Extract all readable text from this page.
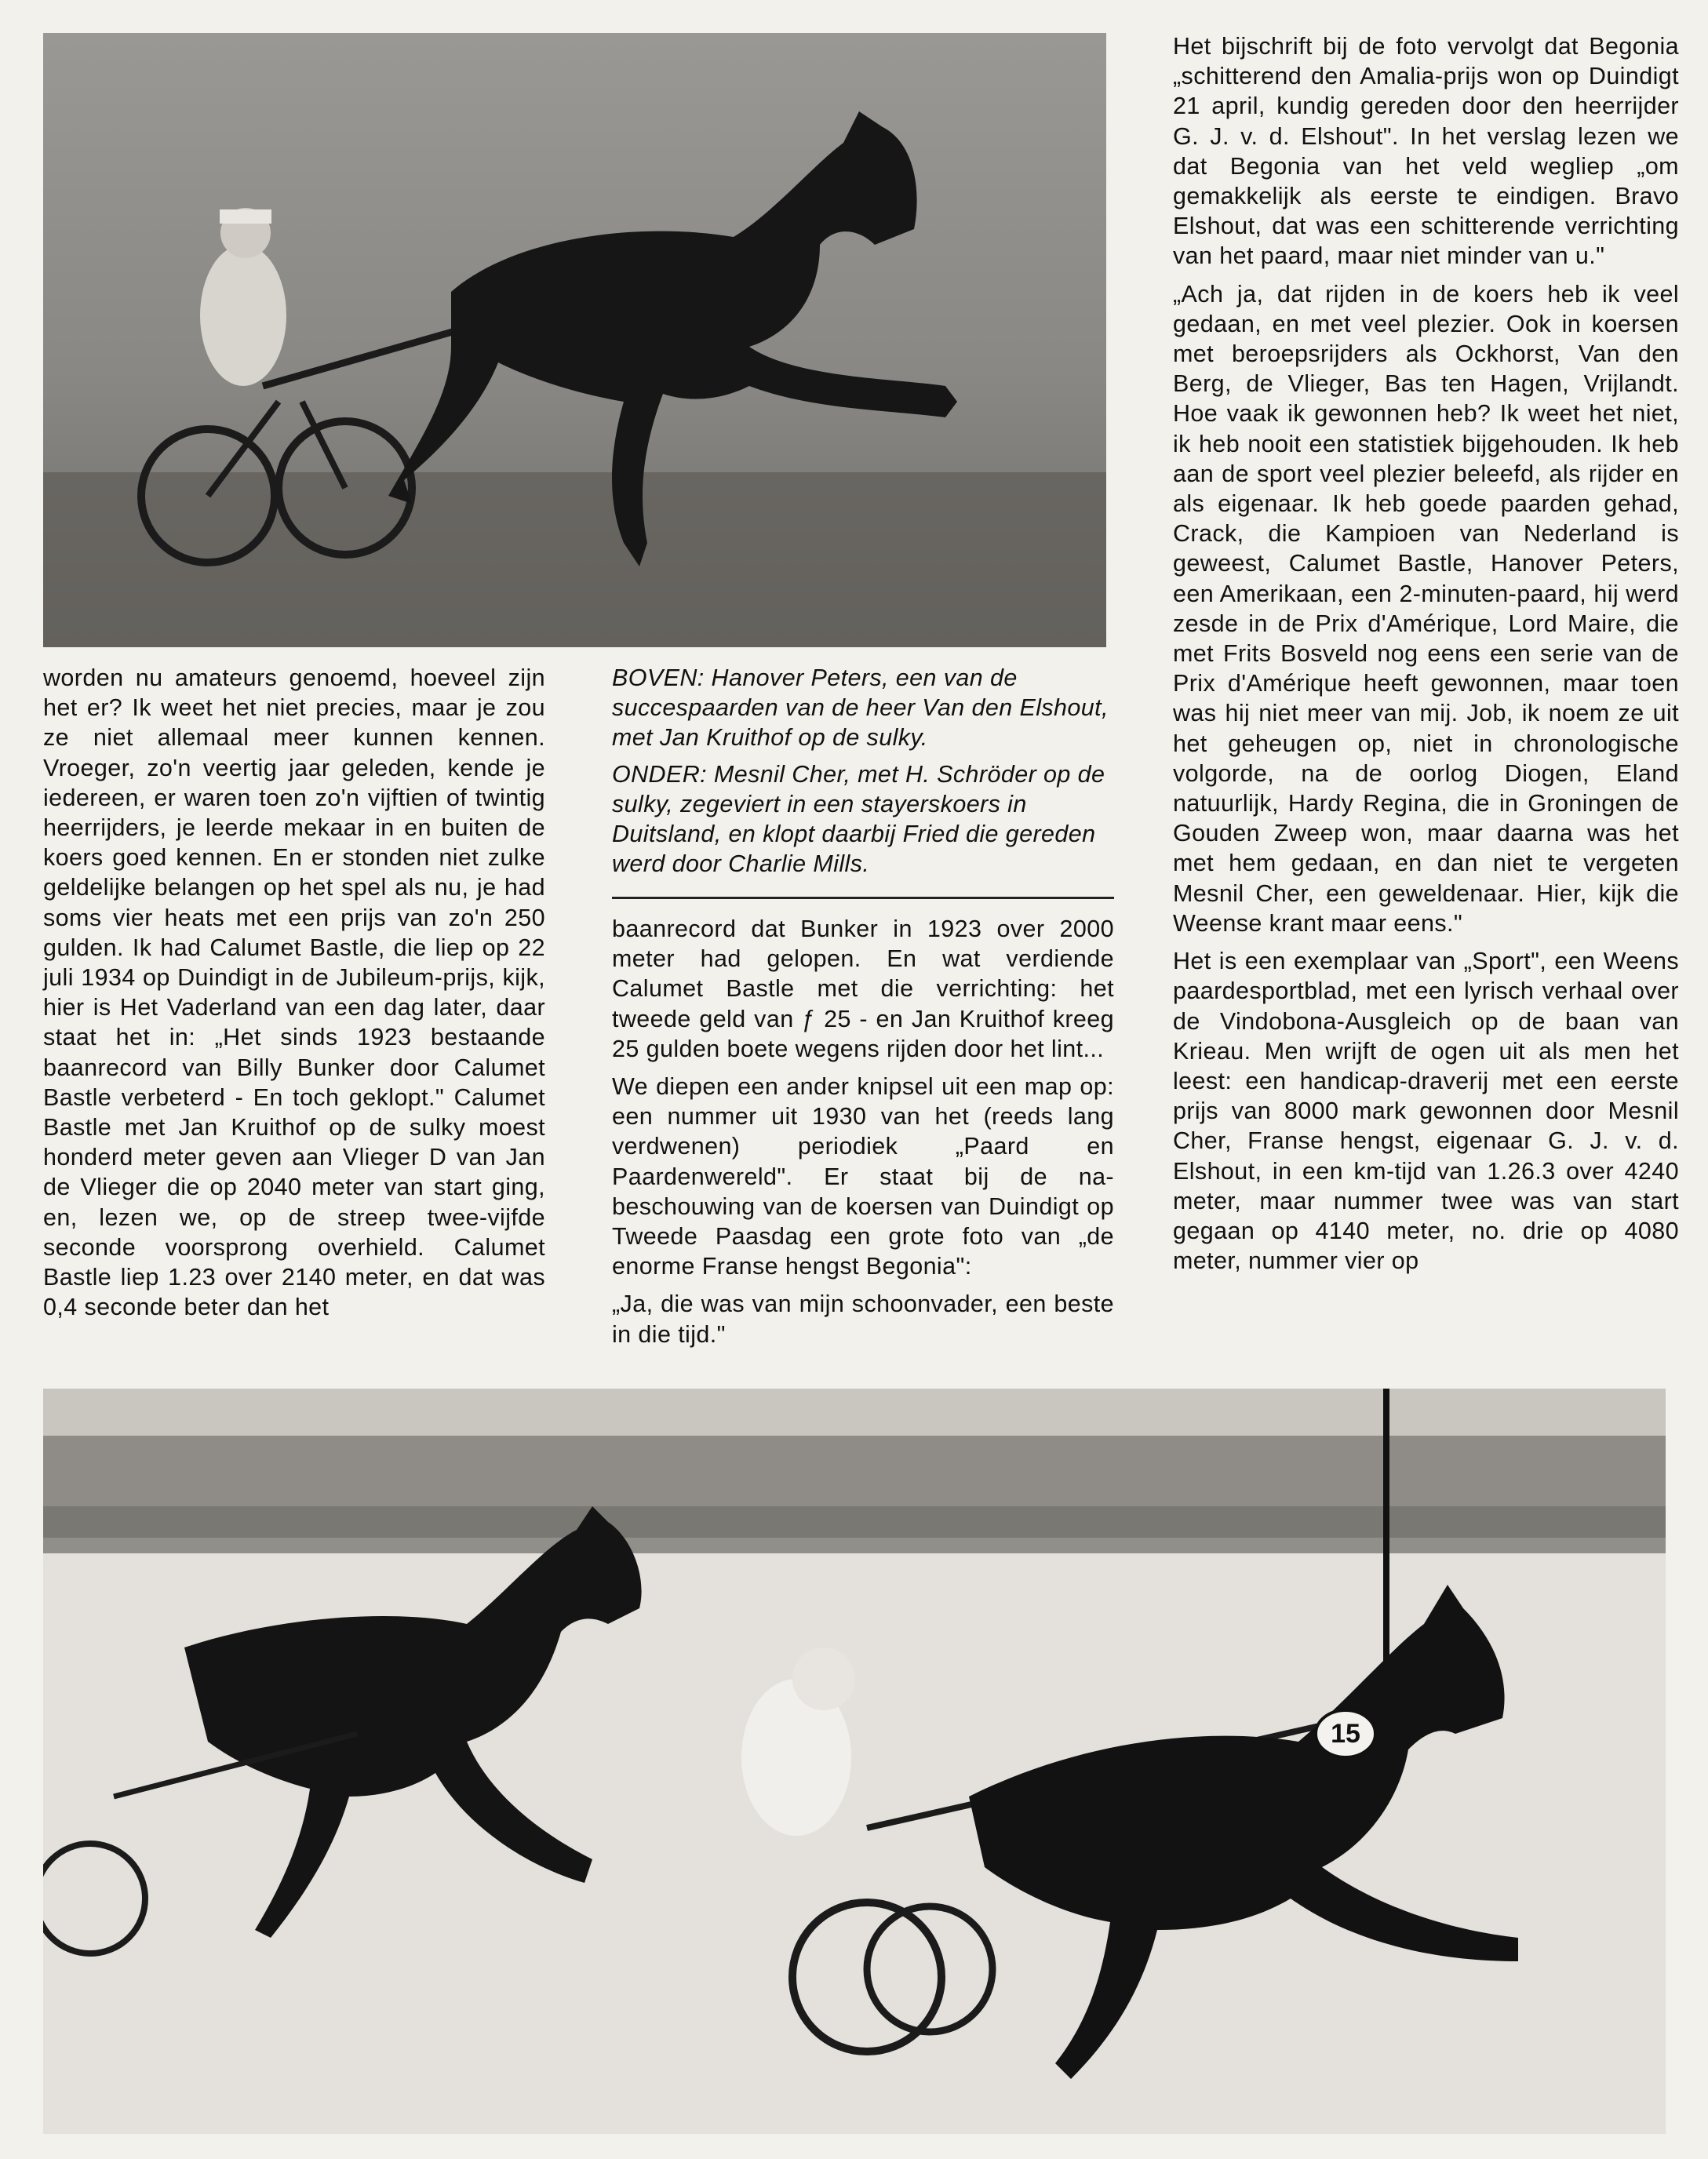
worden nu amateurs genoemd, hoeveel zijn het er? Ik weet het niet precies, maar je zou ze niet allemaal meer kunnen kennen. Vroeger, zo'n veertig jaar geleden, kende je iedereen, er waren toen zo'n vijftien of twintig heerrijders, je leerde mekaar in en buiten de koers goed kennen. En er stonden niet zulke geldelijke belangen op het spel als nu, je had soms vier heats met een prijs van zo'n 250 gulden. Ik had Calumet Bastle, die liep op 22 juli 1934 op Duindigt in de Jubileum-prijs, kijk, hier is Het Vaderland van een dag later, daar staat het in: „Het sinds 1923 bestaande baanrecord van Billy Bunker door Calumet Bastle verbeterd - En toch geklopt." Calumet Bastle met Jan Kruithof op de sulky moest honderd meter geven aan Vlieger D van Jan de Vlieger die op 2040 meter van start ging, en, lezen we, op de streep twee-vijfde seconde voorsprong overhield. Calumet Bastle liep 1.23 over 2140 meter, en dat was 0,4 seconde beter dan het

BOVEN: Hanover Peters, een van de succespaarden van de heer Van den Elshout, met Jan Kruithof op de sulky.

ONDER: Mesnil Cher, met H. Schröder op de sulky, zegeviert in een stayerskoers in Duitsland, en klopt daarbij Fried die gereden werd door Charlie Mills.

baanrecord dat Bunker in 1923 over 2000 meter had gelopen. En wat verdiende Calumet Bastle met die verrichting: het tweede geld van ƒ 25 - en Jan Kruithof kreeg 25 gulden boete wegens rijden door het lint...

We diepen een ander knipsel uit een map op: een nummer uit 1930 van het (reeds lang verdwenen) periodiek „Paard en Paardenwereld". Er staat bij de na-beschouwing van de koersen van Duindigt op Tweede Paasdag een grote foto van „de enorme Franse hengst Begonia":

„Ja, die was van mijn schoonvader, een beste in die tijd."

Het bijschrift bij de foto vervolgt dat Begonia „schitterend den Amalia-prijs won op Duindigt 21 april, kundig gereden door den heerrijder G. J. v. d. Elshout". In het verslag lezen we dat Begonia van het veld wegliep „om gemakkelijk als eerste te eindigen. Bravo Elshout, dat was een schitterende verrichting van het paard, maar niet minder van u."

„Ach ja, dat rijden in de koers heb ik veel gedaan, en met veel plezier. Ook in koersen met beroepsrijders als Ockhorst, Van den Berg, de Vlieger, Bas ten Hagen, Vrijlandt. Hoe vaak ik gewonnen heb? Ik weet het niet, ik heb nooit een statistiek bijgehouden. Ik heb aan de sport veel plezier beleefd, als rijder en als eigenaar. Ik heb goede paarden gehad, Crack, die Kampioen van Nederland is geweest, Calumet Bastle, Hanover Peters, een Amerikaan, een 2-minuten-paard, hij werd zesde in de Prix d'Amérique, Lord Maire, die met Frits Bosveld nog eens een serie van de Prix d'Amérique heeft gewonnen, maar toen was hij niet meer van mij. Job, ik noem ze uit het geheugen op, niet in chronologische volgorde, na de oorlog Diogen, Eland natuurlijk, Hardy Regina, die in Groningen de Gouden Zweep won, maar daarna was het met hem gedaan, en dan niet te vergeten Mesnil Cher, een geweldenaar. Hier, kijk die Weense krant maar eens."

Het is een exemplaar van „Sport", een Weens paardesportblad, met een lyrisch verhaal over de Vindobona-Ausgleich op de baan van Krieau. Men wrijft de ogen uit als men het leest: een handicap-draverij met een eerste prijs van 8000 mark gewonnen door Mesnil Cher, Franse hengst, eigenaar G. J. v. d. Elshout, in een km-tijd van 1.26.3 over 4240 meter, maar nummer twee was van start gegaan op 4140 meter, no. drie op 4080 meter, nummer vier op

15
